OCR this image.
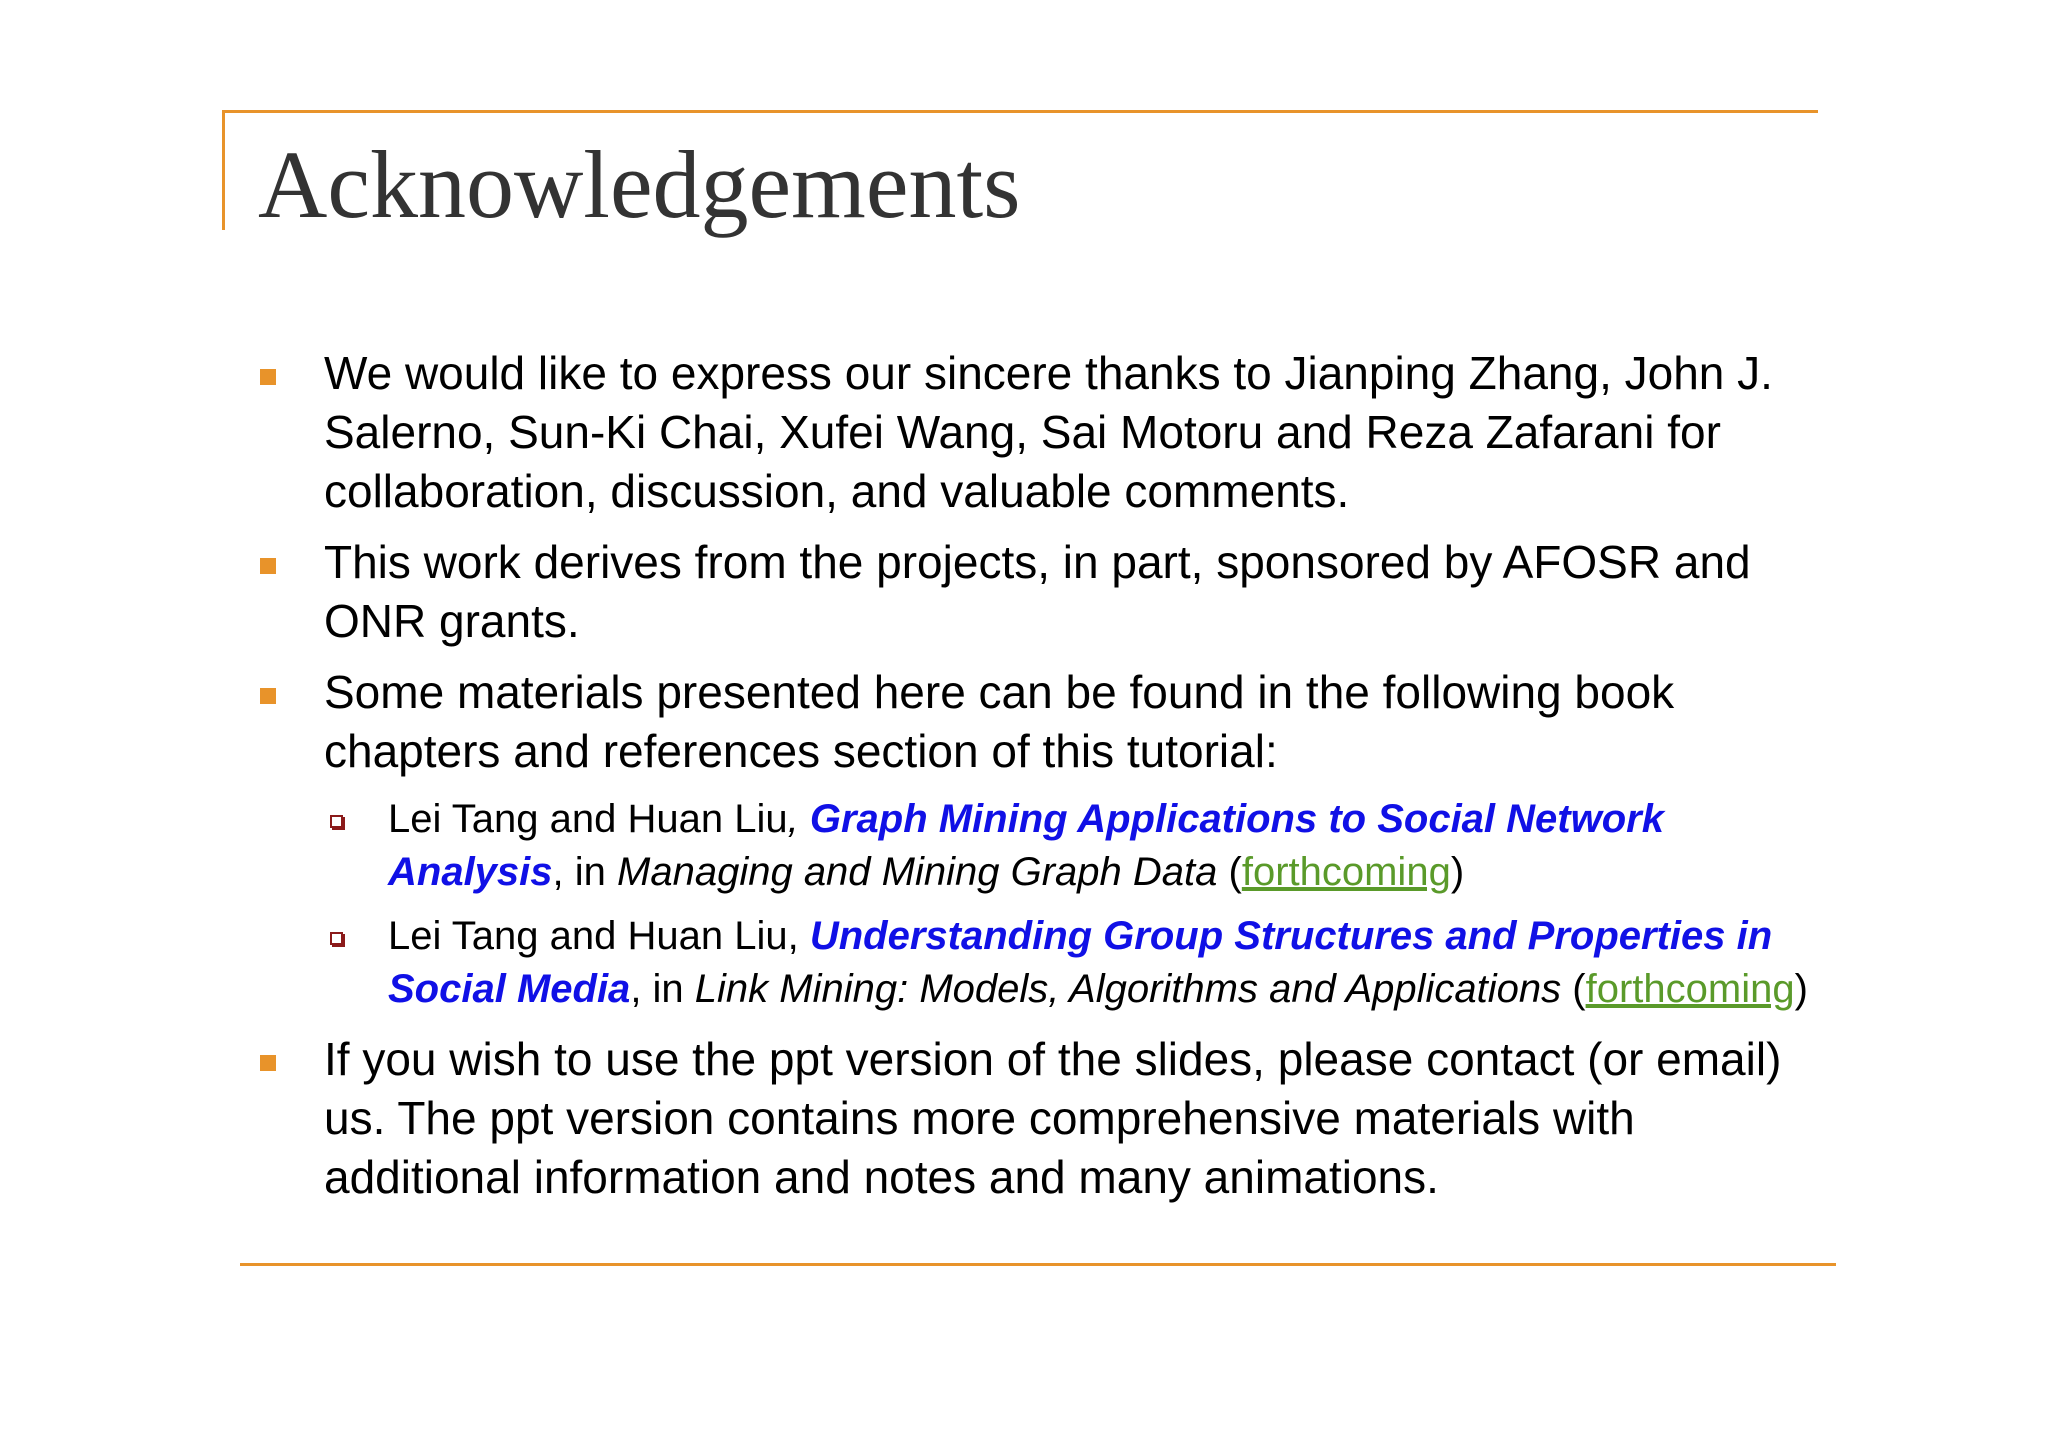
Acknowledgements
We would like to express our sincere thanks to Jianping Zhang, John J. Salerno, Sun-Ki Chai, Xufei Wang, Sai Motoru and Reza Zafarani for collaboration, discussion, and valuable comments.
This work derives from the projects, in part, sponsored by AFOSR and ONR grants.
Some materials presented here can be found in the following book chapters and references section of this tutorial:
Lei Tang and Huan Liu, Graph Mining Applications to Social Network Analysis, in Managing and Mining Graph Data (forthcoming)
Lei Tang and Huan Liu, Understanding Group Structures and Properties in Social Media, in Link Mining: Models, Algorithms and Applications (forthcoming)
If you wish to use the ppt version of the slides, please contact (or email) us. The ppt version contains more comprehensive materials with additional information and notes and many animations.
